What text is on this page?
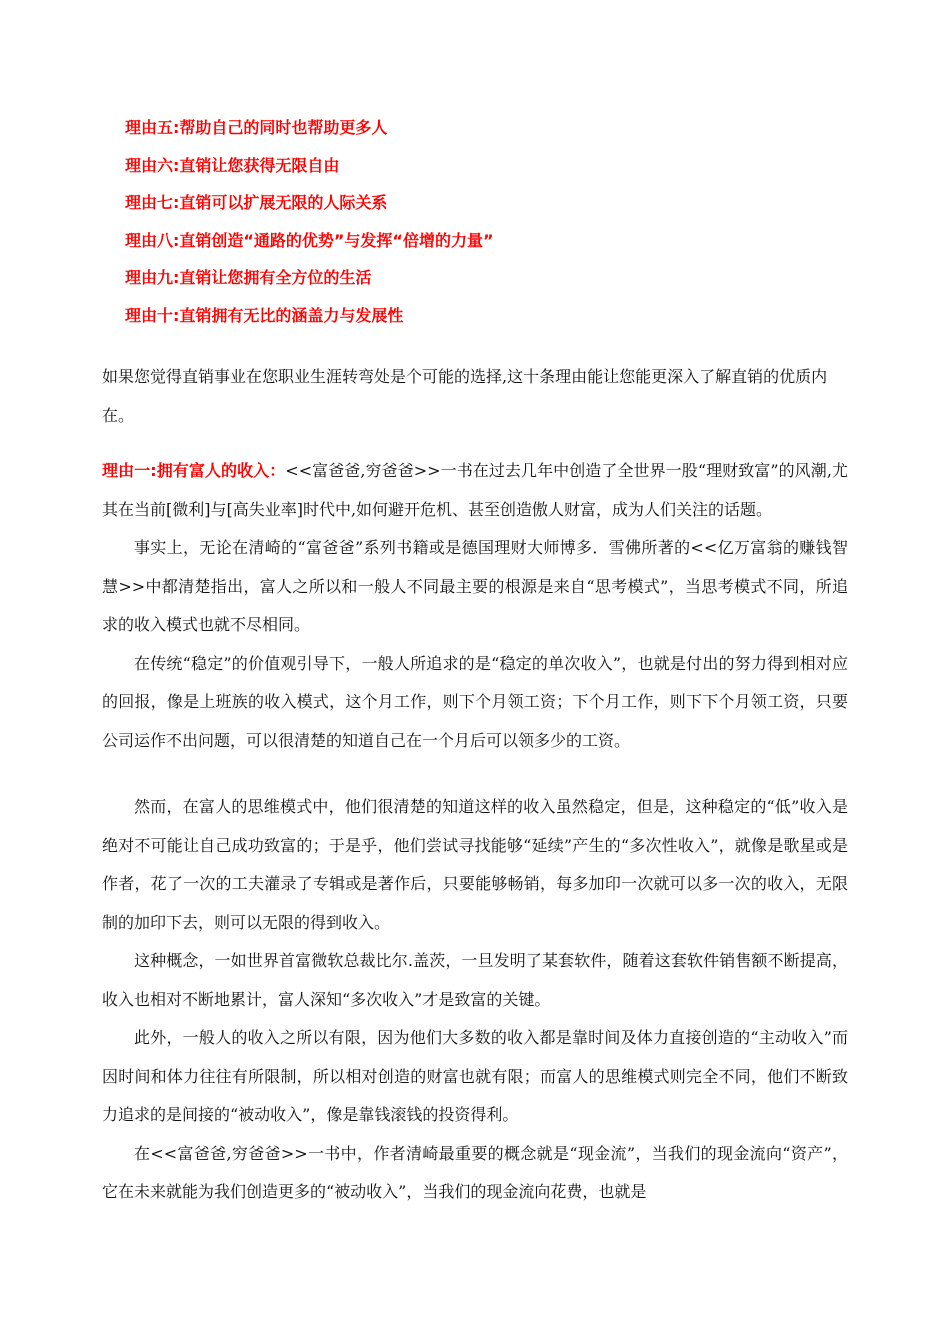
理由五:帮助自己的同时也帮助更多人
理由六:直销让您获得无限自由
理由七:直销可以扩展无限的人际关系
理由八:直销创造“通路的优势”与发挥“倍增的力量”
理由九:直销让您拥有全方位的生活
理由十:直销拥有无比的涵盖力与发展性

如果您觉得直销事业在您职业生涯转弯处是个可能的选择,这十条理由能让您能更深入了解直销的优质内在。

理由一:拥有富人的收入：<<富爸爸,穷爸爸>>一书在过去几年中创造了全世界一股“理财致富”的风潮,尤其在当前[微利]与[高失业率]时代中,如何避开危机、甚至创造傲人财富，成为人们关注的话题。

事实上，无论在清崎的“富爸爸”系列书籍或是德国理财大师博多．雪佛所著的<<亿万富翁的赚钱智慧>>中都清楚指出，富人之所以和一般人不同最主要的根源是来自“思考模式”，当思考模式不同，所追求的收入模式也就不尽相同。

在传统“稳定”的价值观引导下，一般人所追求的是“稳定的单次收入”，也就是付出的努力得到相对应的回报，像是上班族的收入模式，这个月工作，则下个月领工资；下个月工作，则下下个月领工资，只要公司运作不出问题，可以很清楚的知道自己在一个月后可以领多少的工资。

然而，在富人的思维模式中，他们很清楚的知道这样的收入虽然稳定，但是，这种稳定的“低”收入是绝对不可能让自己成功致富的；于是乎，他们尝试寻找能够“延续”产生的“多次性收入”，就像是歌星或是作者，花了一次的工夫灌录了专辑或是著作后，只要能够畅销，每多加印一次就可以多一次的收入，无限制的加印下去，则可以无限的得到收入。

这种概念，一如世界首富微软总裁比尔.盖茨，一旦发明了某套软件，随着这套软件销售额不断提高，收入也相对不断地累计，富人深知“多次收入”才是致富的关键。

此外，一般人的收入之所以有限，因为他们大多数的收入都是靠时间及体力直接创造的“主动收入”而因时间和体力往往有所限制，所以相对创造的财富也就有限；而富人的思维模式则完全不同，他们不断致力追求的是间接的“被动收入”，像是靠钱滚钱的投资得利。

在<<富爸爸,穷爸爸>>一书中，作者清崎最重要的概念就是“现金流”，当我们的现金流向“资产”，它在未来就能为我们创造更多的“被动收入”，当我们的现金流向花费，也就是
